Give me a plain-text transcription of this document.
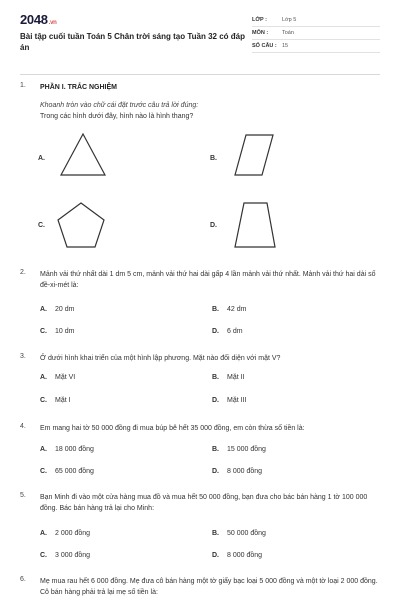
2048 .vn
Bài tập cuối tuần Toán 5 Chân trời sáng tạo Tuần 32 có đáp án
LỚP :	Lớp 5
MÔN :	Toán
SỐ CÂU : 15
1.	PHẦN I. TRẮC NGHIỆM
Khoanh tròn vào chữ cái đặt trước câu trả lời đúng:
Trong các hình dưới đây, hình nào là hình thang?
A.	B.
C.	D.
2.	Mảnh vải thứ nhất dài 1 dm 5 cm, mảnh vải thứ hai dài gấp 4 lần mảnh vải thứ nhất. Mảnh vải thứ hai dài số đề-xi-mét là:
A.	20 dm	B.	42 dm
C.	10 dm	D.	6 dm
3.	Ở dưới hình khai triển của một hình lập phương. Mặt nào đối diện với mặt V?
A.	Mặt VI	B.	Mặt II
C.	Mặt I	D.	Mặt III
4.	Em mang hai tờ 50 000 đồng đi mua búp bê hết 35 000 đồng, em còn thừa số tiền là:
A.	18 000 đồng	B.	15 000 đồng
C.	65 000 đồng	D.	8 000 đồng
5.	Bạn Minh đi vào một cửa hàng mua đồ và mua hết 50 000 đồng, bạn đưa cho bác bán hàng 1 tờ 100 000 đồng. Bác bán hàng trả lại cho Minh:
A.	2 000 đồng	B.	50 000 đồng
C.	3 000 đồng	D.	8 000 đồng
6.	Mẹ mua rau hết 6 000 đồng. Mẹ đưa cô bán hàng một tờ giấy bạc loại 5 000 đồng và một tờ loại 2 000 đồng. Cô bán hàng phải trả lại mẹ số tiền là:
